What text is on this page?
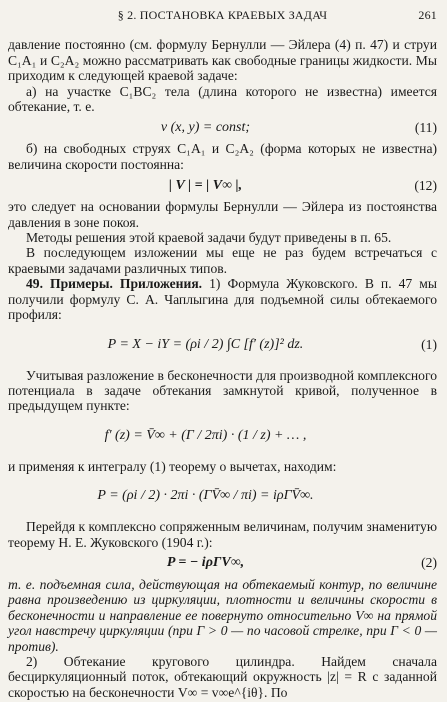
§ 2. ПОСТАНОВКА КРАЕВЫХ ЗАДАЧ	261

давление постоянно (см. формулу Бернулли — Эйлера (4) п. 47) и струи C₁A₁ и C₂A₂ можно рассматривать как свободные границы жидкости. Мы приходим к следующей краевой задаче:

а) на участке C₁BC₂ тела (длина которого не известна) имеется обтекание, т. е.

v (x, y) = const;	(11)

б) на свободных струях C₁A₁ и C₂A₂ (форма которых не известна) величина скорости постоянна:

| V | = | V∞ |,	(12)

это следует на основании формулы Бернулли — Эйлера из постоянства давления в зоне покоя.

Методы решения этой краевой задачи будут приведены в п. 65.

В последующем изложении мы еще не раз будем встречаться с краевыми задачами различных типов.

49. Примеры. Приложения. 1) Формула Жуковского. В п. 47 мы получили формулу С. А. Чаплыгина для подъемной силы обтекаемого профиля:

P = X − iY = (ρi / 2) ∫C [f′ (z)]² dz.	(1)

Учитывая разложение в бесконечности для производной комплексного потенциала в задаче обтекания замкнутой кривой, полученное в предыдущем пункте:

f′ (z) = V̄∞ + (Γ / 2πi) · (1 / z) + … ,

и применяя к интегралу (1) теорему о вычетах, находим:

P = (ρi / 2) · 2πi · (ΓV̄∞ / πi) = iρΓV̄∞.

Перейдя к комплексно сопряженным величинам, получим знаменитую теорему Н. Е. Жуковского (1904 г.):

P = − iρΓV∞,	(2)

т. е. подъемная сила, действующая на обтекаемый контур, по величине равна произведению из циркуляции, плотности и величины скорости в бесконечности и направление ее повернуто относительно V∞ на прямой угол навстречу циркуляции (при Γ > 0 — по часовой стрелке, при Γ < 0 — против).

2) Обтекание кругового цилиндра. Найдем сначала бесциркуляционный поток, обтекающий окружность |z| = R с заданной скоростью на бесконечности V∞ = v∞e^{iθ}. По
